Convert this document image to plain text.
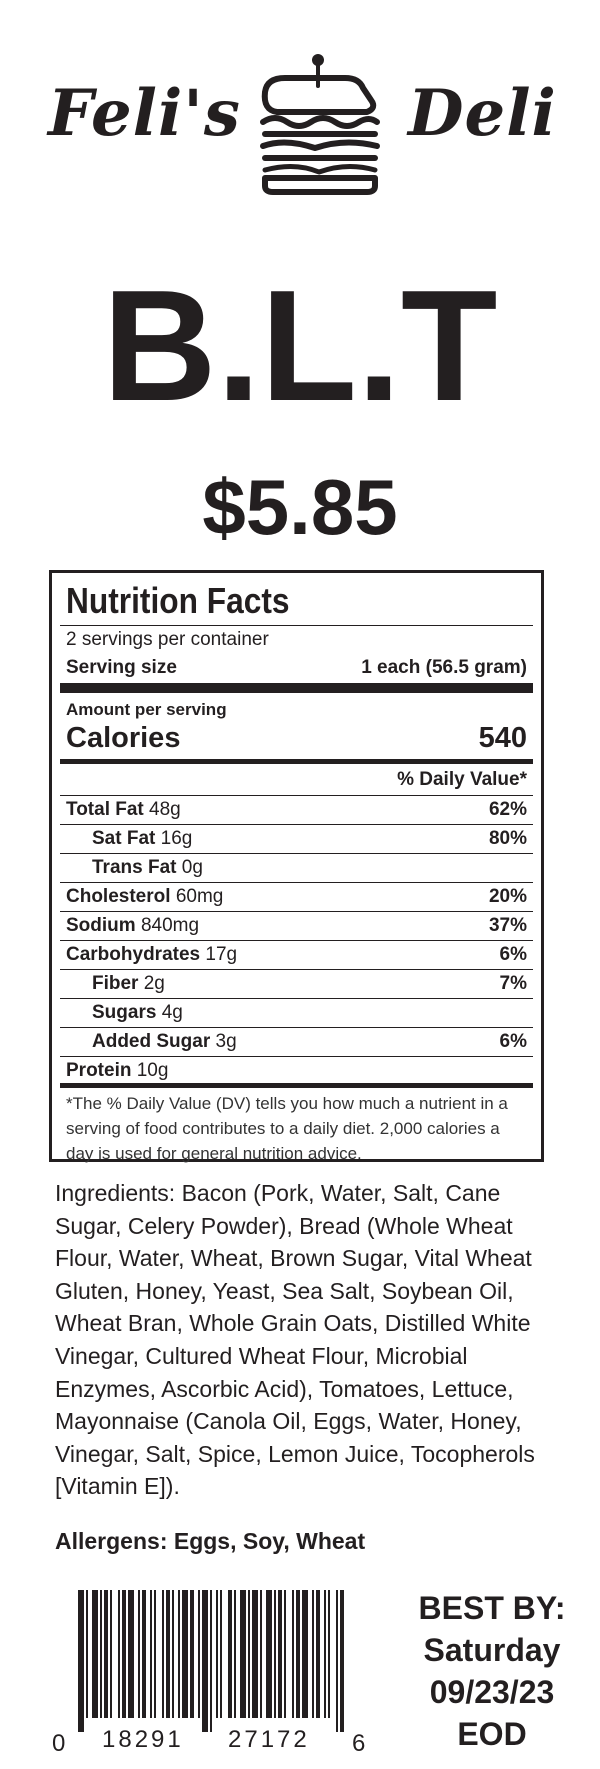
Feli's	Deli
B.L.T
$5.85
Nutrition Facts
2 servings per container
Serving size	1 each (56.5 gram)
Amount per serving
Calories	540
% Daily Value*
Total Fat 48g	62%
Sat Fat 16g	80%
Trans Fat 0g
Cholesterol 60mg	20%
Sodium 840mg	37%
Carbohydrates 17g	6%
Fiber 2g	7%
Sugars 4g
Added Sugar 3g	6%
Protein 10g
*The % Daily Value (DV) tells you how much a nutrient in a serving of food contributes to a daily diet. 2,000 calories a day is used for general nutrition advice.
Ingredients: Bacon (Pork, Water, Salt, Cane Sugar, Celery Powder), Bread (Whole Wheat Flour, Water, Wheat, Brown Sugar, Vital Wheat Gluten, Honey, Yeast, Sea Salt, Soybean Oil, Wheat Bran, Whole Grain Oats, Distilled White Vinegar, Cultured Wheat Flour, Microbial Enzymes, Ascorbic Acid), Tomatoes, Lettuce, Mayonnaise (Canola Oil, Eggs, Water, Honey, Vinegar, Salt, Spice, Lemon Juice, Tocopherols [Vitamin E]).
Allergens: Eggs, Soy, Wheat
0 18291 27172 6
BEST BY:
Saturday
09/23/23
EOD
